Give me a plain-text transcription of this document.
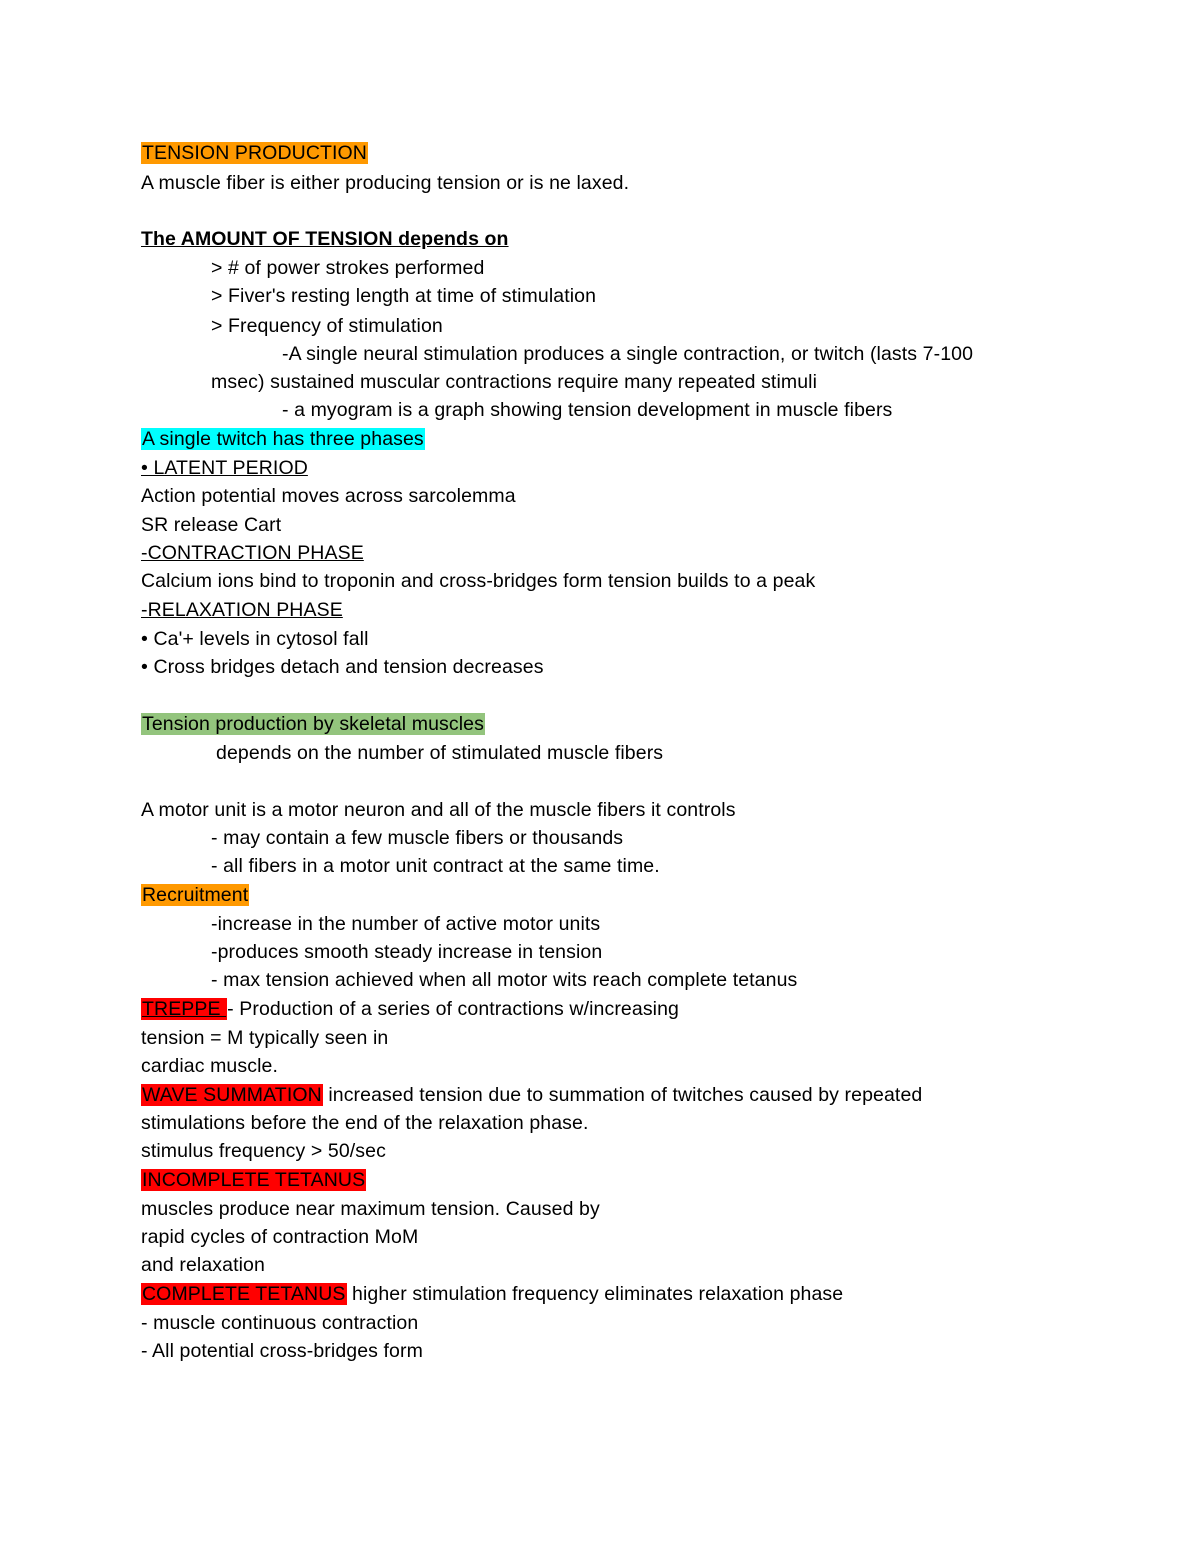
TENSION PRODUCTION
A muscle fiber is either producing tension or is ne laxed.
The AMOUNT OF TENSION depends on
> # of power strokes performed
> Fiver's resting length at time of stimulation
> Frequency of stimulation
-A single neural stimulation produces a single contraction, or twitch (lasts 7-100
msec) sustained muscular contractions require many repeated stimuli
- a myogram is a graph showing tension development in muscle fibers
A single twitch has three phases
• LATENT PERIOD
Action potential moves across sarcolemma
SR release Cart
-CONTRACTION PHASE
Calcium ions bind to troponin and cross-bridges form tension builds to a peak
-RELAXATION PHASE
• Ca'+ levels in cytosol fall
• Cross bridges detach and tension decreases
Tension production by skeletal muscles
depends on the number of stimulated muscle fibers
A motor unit is a motor neuron and all of the muscle fibers it controls
- may contain a few muscle fibers or thousands
- all fibers in a motor unit contract at the same time.
Recruitment
-increase in the number of active motor units
-produces smooth steady increase in tension
- max tension achieved when all motor wits reach complete tetanus
TREPPE - Production of a series of contractions w/increasing
tension = M typically seen in
cardiac muscle.
WAVE SUMMATION increased tension due to summation of twitches caused by repeated
stimulations before the end of the relaxation phase.
stimulus frequency > 50/sec
INCOMPLETE TETANUS
muscles produce near maximum tension. Caused by
rapid cycles of contraction MoM
and relaxation
COMPLETE TETANUS higher stimulation frequency eliminates relaxation phase
- muscle continuous contraction
- All potential cross-bridges form
